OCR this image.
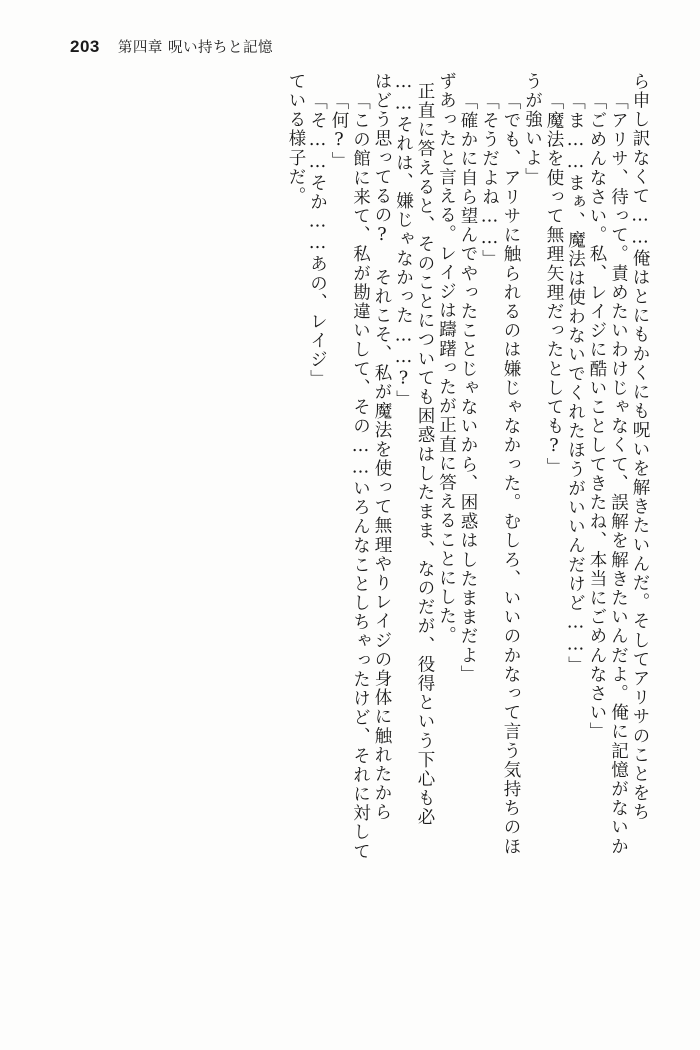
203 第四章 呪い持ちと記憶
ている様子だ。 「そ……そか……あの、レイジ」 「何?」 「この館に来て、私が勘違いして、その……いろんなことしちゃったけど、それに対して はどう思ってるの? それこそ、私が魔法を使って無理やりレイジの身体に触れたから ……それは、嫌じゃなかった……?」 正直に答えると、そのことについても困惑はしたまま、なのだが、役得という下心も必 ずあったと言える。レイジは躊躇ったが正直に答えることにした。 「確かに自ら望んでやったことじゃないから、困惑はしたままだよ」 「そうだよね……」 「でも、アリサに触られるのは嫌じゃなかった。むしろ、いいのかなって言う気持ちのほ うが強いよ」 「魔法を使って無理矢理だったとしても?」 「ま……まぁ、魔法は使わないでくれたほうがいいんだけど……」 「ごめんなさい。私、レイジに酷いことしてきたね、本当にごめんなさい」 「アリサ、待って。責めたいわけじゃなくて、誤解を解きたいんだよ。俺に記憶がないか ら申し訳なくて……俺はとにもかくにも呪いを解きたいんだ。そしてアリサのことをち
